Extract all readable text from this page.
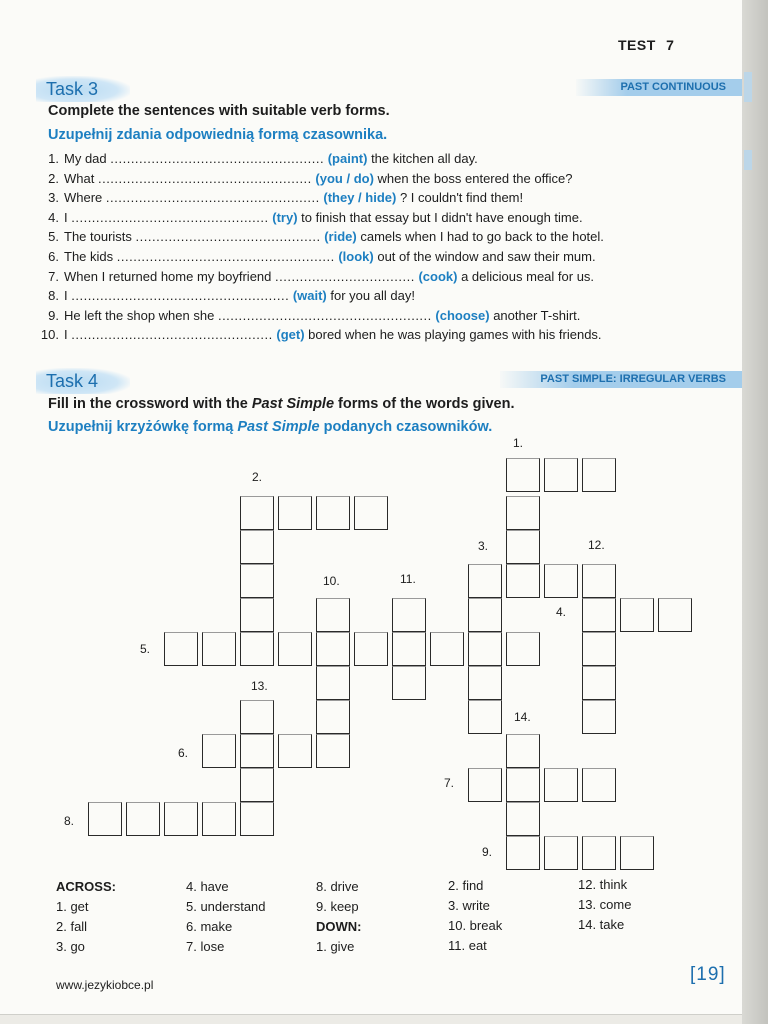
TEST 7
Task 3	PAST CONTINUOUS
Complete the sentences with suitable verb forms.
Uzupełnij zdania odpowiednią formą czasownika.
1. My dad .................................................... (paint) the kitchen all day.
2. What .................................................... (you / do) when the boss entered the office?
3. Where .................................................... (they / hide) ? I couldn't find them!
4. I ................................................ (try) to finish that essay but I didn't have enough time.
5. The tourists ............................................. (ride) camels when I had to go back to the hotel.
6. The kids ..................................................... (look) out of the window and saw their mum.
7. When I returned home my boyfriend .................................. (cook) a delicious meal for us.
8. I ..................................................... (wait) for you all day!
9. He left the shop when she .................................................... (choose) another T-shirt.
10. I ................................................. (get) bored when he was playing games with his friends.
Task 4	PAST SIMPLE: IRREGULAR VERBS
Fill in the crossword with the Past Simple forms of the words given.
Uzupełnij krzyżówkę formą Past Simple podanych czasowników.
1.
2.
3.
4.
5.
6.
7.
8.
9.
10.	11.
12.
13.
14.
ACROSS:
1. get
2. fall
3. go
4. have
5. understand
6. make
7. lose
8. drive
9. keep
DOWN:
1. give
2. find
3. write
10. break
11. eat
12. think
13. come
14. take
www.jezykiobce.pl	[19]
